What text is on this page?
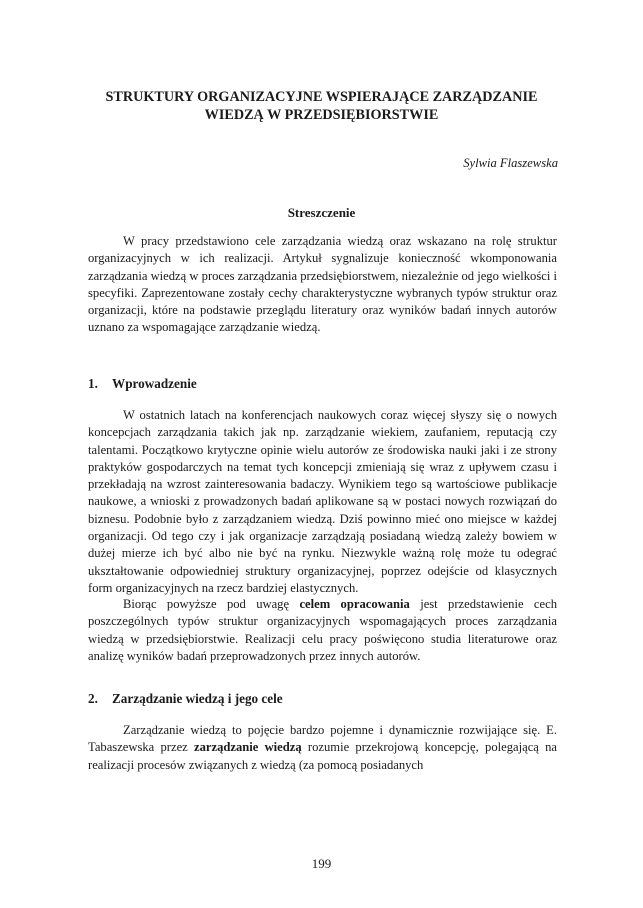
STRUKTURY ORGANIZACYJNE WSPIERAJĄCE ZARZĄDZANIE
WIEDZĄ W PRZEDSIĘBIORSTWIE
Sylwia Flaszewska
Streszczenie

W pracy przedstawiono cele zarządzania wiedzą oraz wskazano na rolę struktur organizacyjnych w ich realizacji. Artykuł sygnalizuje konieczność wkomponowania zarządzania wiedzą w proces zarządzania przedsiębiorstwem, niezależnie od jego wielkości i specyfiki. Zaprezentowane zostały cechy charakterystyczne wybranych typów struktur oraz organizacji, które na podstawie przeglądu literatury oraz wyników badań innych autorów uznano za wspomagające zarządzanie wiedzą.

1. Wprowadzenie

W ostatnich latach na konferencjach naukowych coraz więcej słyszy się o nowych koncepcjach zarządzania takich jak np. zarządzanie wiekiem, zaufaniem, reputacją czy talentami. Początkowo krytyczne opinie wielu autorów ze środowiska nauki jaki i ze strony praktyków gospodarczych na temat tych koncepcji zmieniają się wraz z upływem czasu i przekładają na wzrost zainteresowania badaczy. Wynikiem tego są wartościowe publikacje naukowe, a wnioski z prowadzonych badań aplikowane są w postaci nowych rozwiązań do biznesu. Podobnie było z zarządzaniem wiedzą. Dziś powinno mieć ono miejsce w każdej organizacji. Od tego czy i jak organizacje zarządzają posiadaną wiedzą zależy bowiem w dużej mierze ich być albo nie być na rynku. Niezwykle ważną rolę może tu odegrać ukształtowanie odpowiedniej struktury organizacyjnej, poprzez odejście od klasycznych form organizacyjnych na rzecz bardziej elastycznych.

Biorąc powyższe pod uwagę celem opracowania jest przedstawienie cech poszczególnych typów struktur organizacyjnych wspomagających proces zarządzania wiedzą w przedsiębiorstwie. Realizacji celu pracy poświęcono studia literaturowe oraz analizę wyników badań przeprowadzonych przez innych autorów.

2. Zarządzanie wiedzą i jego cele

Zarządzanie wiedzą to pojęcie bardzo pojemne i dynamicznie rozwijające się. E. Tabaszewska przez zarządzanie wiedzą rozumie przekrojową koncepcję, polegającą na realizacji procesów związanych z wiedzą (za pomocą posiadanych

199
